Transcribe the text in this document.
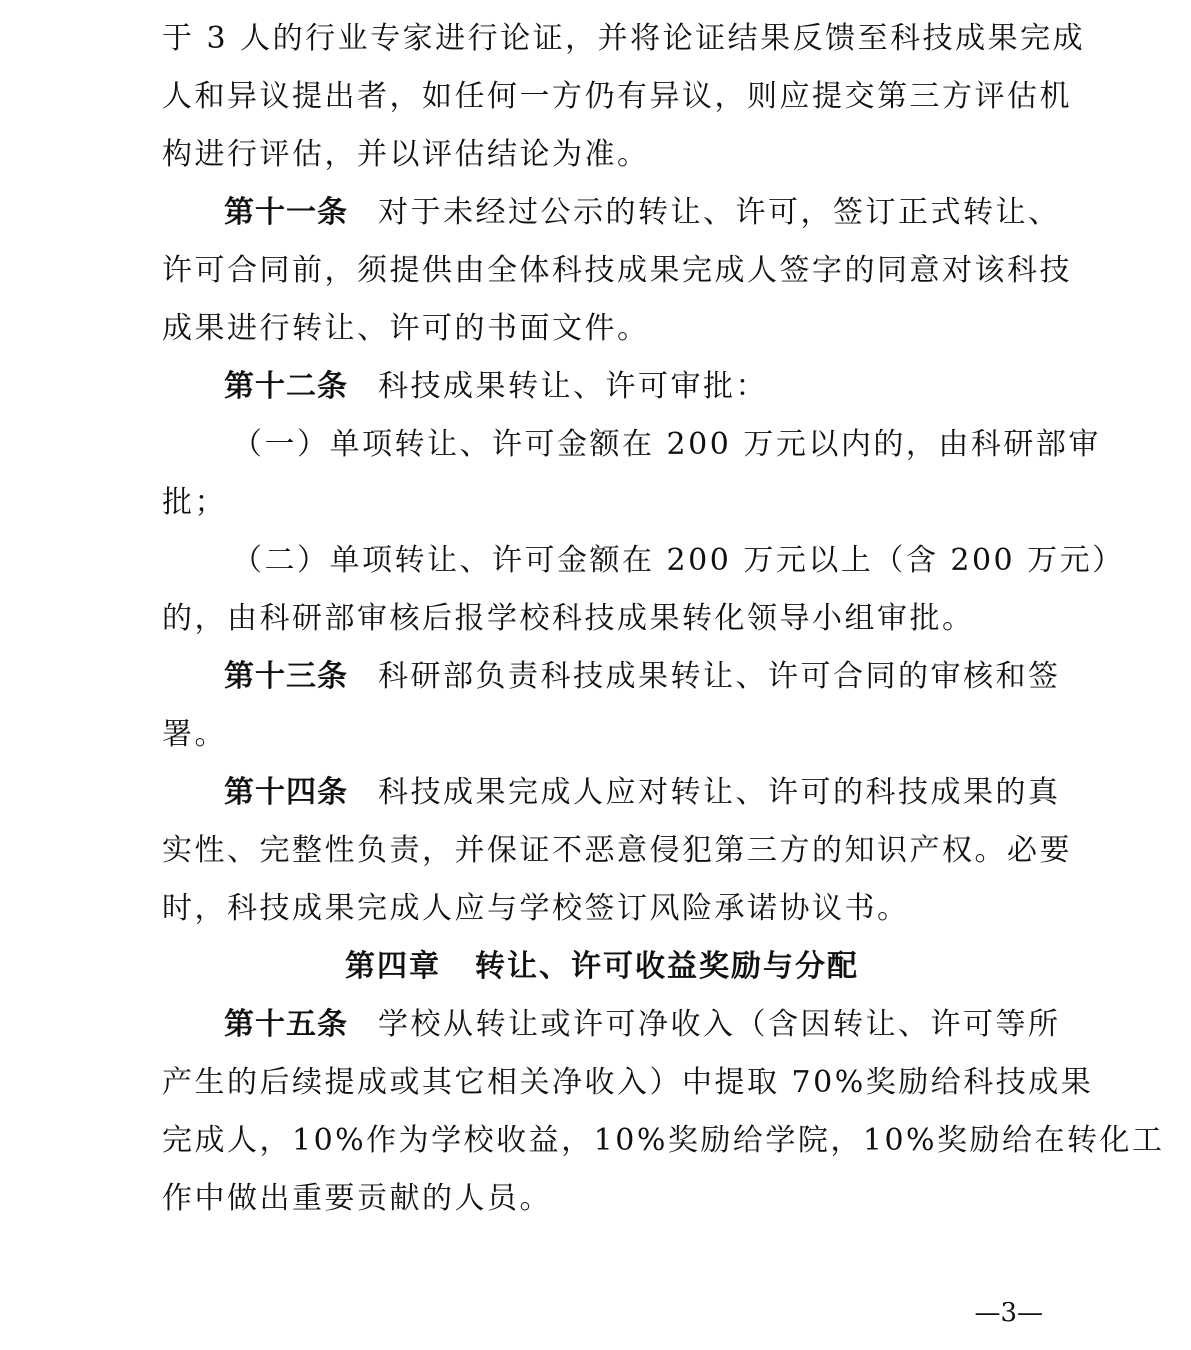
于 3 人的行业专家进行论证，并将论证结果反馈至科技成果完成
人和异议提出者，如任何一方仍有异议，则应提交第三方评估机
构进行评估，并以评估结论为准。
第十一条 对于未经过公示的转让、许可，签订正式转让、
许可合同前，须提供由全体科技成果完成人签字的同意对该科技
成果进行转让、许可的书面文件。
第十二条 科技成果转让、许可审批：
（一）单项转让、许可金额在 200 万元以内的，由科研部审
批；
（二）单项转让、许可金额在 200 万元以上（含 200 万元）
的，由科研部审核后报学校科技成果转化领导小组审批。
第十三条 科研部负责科技成果转让、许可合同的审核和签
署。
第十四条 科技成果完成人应对转让、许可的科技成果的真
实性、完整性负责，并保证不恶意侵犯第三方的知识产权。必要
时，科技成果完成人应与学校签订风险承诺协议书。
第四章 转让、许可收益奖励与分配
第十五条 学校从转让或许可净收入（含因转让、许可等所
产生的后续提成或其它相关净收入）中提取 70%奖励给科技成果
完成人，10%作为学校收益，10%奖励给学院，10%奖励给在转化工
作中做出重要贡献的人员。
—3—
